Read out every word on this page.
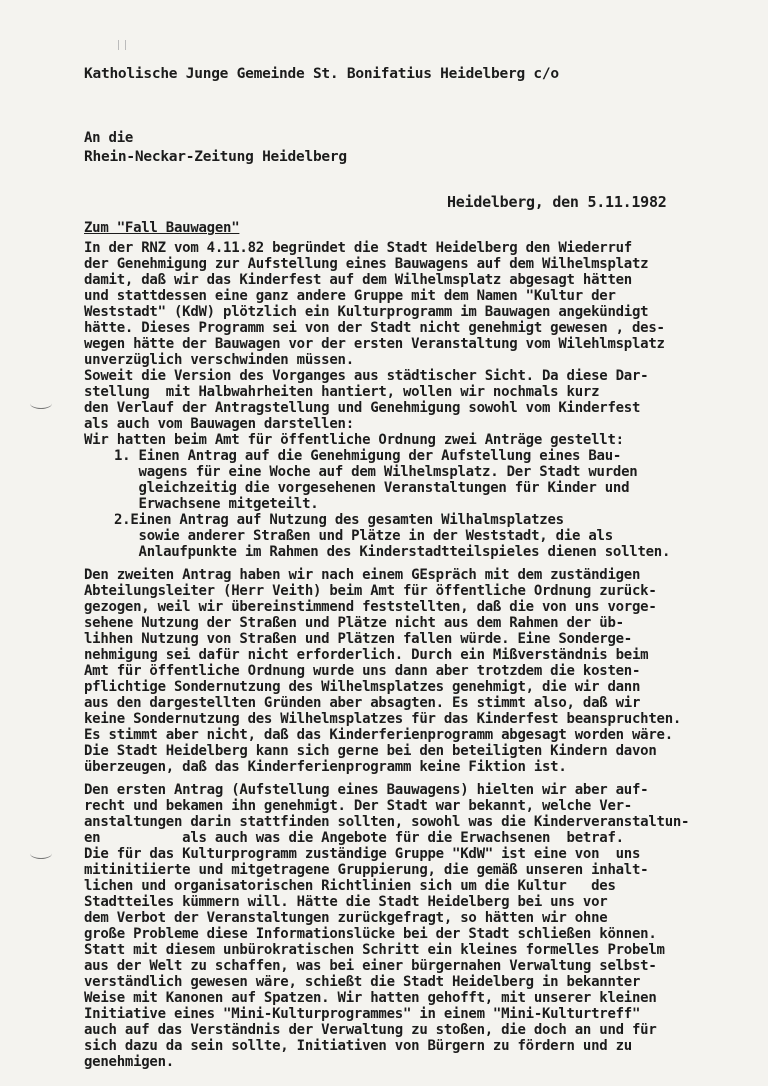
Katholische Junge Gemeinde St. Bonifatius Heidelberg c/o
An die
Rhein-Neckar-Zeitung Heidelberg
Heidelberg, den 5.11.1982
Zum "Fall Bauwagen"
In der RNZ vom 4.11.82 begründet die Stadt Heidelberg den Wiederruf
der Genehmigung zur Aufstellung eines Bauwagens auf dem Wilhelmsplatz
damit, daß wir das Kinderfest auf dem Wilhelmsplatz abgesagt hätten
und stattdessen eine ganz andere Gruppe mit dem Namen "Kultur der
Weststadt" (KdW) plötzlich ein Kulturprogramm im Bauwagen angekündigt
hätte. Dieses Programm sei von der Stadt nicht genehmigt gewesen , des-
wegen hätte der Bauwagen vor der ersten Veranstaltung vom Wilehlmsplatz
unverzüglich verschwinden müssen.
Soweit die Version des Vorganges aus städtischer Sicht. Da diese Dar-
stellung  mit Halbwahrheiten hantiert, wollen wir nochmals kurz
den Verlauf der Antragstellung und Genehmigung sowohl vom Kinderfest
als auch vom Bauwagen darstellen:
Wir hatten beim Amt für öffentliche Ordnung zwei Anträge gestellt:
1. Einen Antrag auf die Genehmigung der Aufstellung eines Bau-
wagens für eine Woche auf dem Wilhelmsplatz. Der Stadt wurden
gleichzeitig die vorgesehenen Veranstaltungen für Kinder und
Erwachsene mitgeteilt.
2.Einen Antrag auf Nutzung des gesamten Wilhalmsplatzes
sowie anderer Straßen und Plätze in der Weststadt, die als
Anlaufpunkte im Rahmen des Kinderstadtteilspieles dienen sollten.
Den zweiten Antrag haben wir nach einem GEspräch mit dem zuständigen
Abteilungsleiter (Herr Veith) beim Amt für öffentliche Ordnung zurück-
gezogen, weil wir übereinstimmend feststellten, daß die von uns vorge-
sehene Nutzung der Straßen und Plätze nicht aus dem Rahmen der üb-
lihhen Nutzung von Straßen und Plätzen fallen würde. Eine Sonderge-
nehmigung sei dafür nicht erforderlich. Durch ein Mißverständnis beim
Amt für öffentliche Ordnung wurde uns dann aber trotzdem die kosten-
pflichtige Sondernutzung des Wilhelmsplatzes genehmigt, die wir dann
aus den dargestellten Gründen aber absagten. Es stimmt also, daß wir
keine Sondernutzung des Wilhelmsplatzes für das Kinderfest beanspruchten.
Es stimmt aber nicht, daß das Kinderferienprogramm abgesagt worden wäre.
Die Stadt Heidelberg kann sich gerne bei den beteiligten Kindern davon
überzeugen, daß das Kinderferienprogramm keine Fiktion ist.
Den ersten Antrag (Aufstellung eines Bauwagens) hielten wir aber auf-
recht und bekamen ihn genehmigt. Der Stadt war bekannt, welche Ver-
anstaltungen darin stattfinden sollten, sowohl was die Kinderveranstaltun-
en          als auch was die Angebote für die Erwachsenen  betraf.
Die für das Kulturprogramm zuständige Gruppe "KdW" ist eine von  uns
mitinitiierte und mitgetragene Gruppierung, die gemäß unseren inhalt-
lichen und organisatorischen Richtlinien sich um die Kultur   des
Stadtteiles kümmern will. Hätte die Stadt Heidelberg bei uns vor
dem Verbot der Veranstaltungen zurückgefragt, so hätten wir ohne
große Probleme diese Informationslücke bei der Stadt schließen können.
Statt mit diesem unbürokratischen Schritt ein kleines formelles Probelm
aus der Welt zu schaffen, was bei einer bürgernahen Verwaltung selbst-
verständlich gewesen wäre, schießt die Stadt Heidelberg in bekannter
Weise mit Kanonen auf Spatzen. Wir hatten gehofft, mit unserer kleinen
Initiative eines "Mini-Kulturprogrammes" in einem "Mini-Kulturtreff"
auch auf das Verständnis der Verwaltung zu stoßen, die doch an und für
sich dazu da sein sollte, Initiativen von Bürgern zu fördern und zu
genehmigen.
